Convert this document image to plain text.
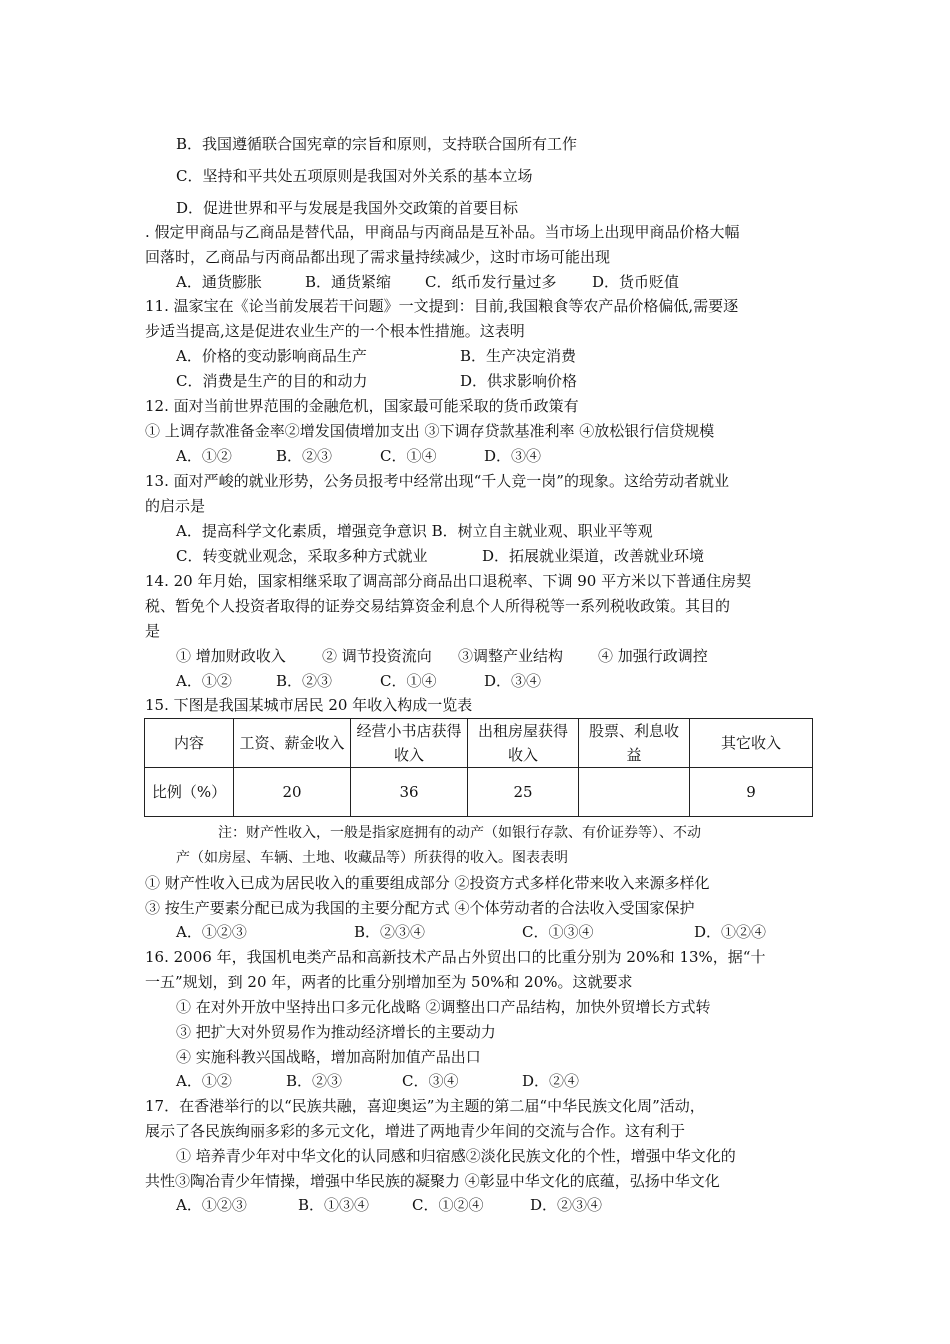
B．我国遵循联合国宪章的宗旨和原则，支持联合国所有工作
C．坚持和平共处五项原则是我国对外关系的基本立场
D．促进世界和平与发展是我国外交政策的首要目标
. 假定甲商品与乙商品是替代品，甲商品与丙商品是互补品。当市场上出现甲商品价格大幅
回落时，乙商品与丙商品都出现了需求量持续减少，这时市场可能出现
A．通货膨胀	B．通货紧缩 C．纸币发行量过多 D．货币贬值
11. 温家宝在《论当前发展若干问题》一文提到：目前,我国粮食等农产品价格偏低,需要逐
步适当提高,这是促进农业生产的一个根本性措施。这表明
A．价格的变动影响商品生产	B．生产决定消费
C．消费是生产的目的和动力	D．供求影响价格
12. 面对当前世界范围的金融危机，国家最可能采取的货币政策有
① 上调存款准备金率②增发国债增加支出 ③下调存贷款基准利率 ④放松银行信贷规模
A．①②	B．②③	C．①④	D．③④
13. 面对严峻的就业形势，公务员报考中经常出现“千人竞一岗”的现象。这给劳动者就业
的启示是
A．提高科学文化素质，增强竞争意识 B．树立自主就业观、职业平等观
C．转变就业观念，采取多种方式就业	D．拓展就业渠道，改善就业环境
14. 20 年月始，国家相继采取了调高部分商品出口退税率、下调 90 平方米以下普通住房契
税、暂免个人投资者取得的证券交易结算资金利息个人所得税等一系列税收政策。其目的
是
① 增加财政收入 ② 调节投资流向 ③调整产业结构 ④ 加强行政调控
A．①②	B．②③	C．①④	D．③④
15. 下图是我国某城市居民 20 年收入构成一览表
内容	工资、薪金收入	经营小书店获得收入	出租房屋获得收入	股票、利息收益	其它收入
比例（%）	20	36	25		9
注：财产性收入，一般是指家庭拥有的动产（如银行存款、有价证券等）、不动
产（如房屋、车辆、土地、收藏品等）所获得的收入。图表表明
① 财产性收入已成为居民收入的重要组成部分 ②投资方式多样化带来收入来源多样化
③ 按生产要素分配已成为我国的主要分配方式 ④个体劳动者的合法收入受国家保护
A．①②③	B．②③④	C．①③④	D．①②④
16. 2006 年，我国机电类产品和高新技术产品占外贸出口的比重分别为 20%和 13%，据“十
一五”规划，到 20 年，两者的比重分别增加至为 50%和 20%。这就要求
① 在对外开放中坚持出口多元化战略 ②调整出口产品结构，加快外贸增长方式转
③ 把扩大对外贸易作为推动经济增长的主要动力
④ 实施科教兴国战略，增加高附加值产品出口
A．①②	B．②③	C．③④	D．②④
17．在香港举行的以“民族共融，喜迎奥运”为主题的第二届“中华民族文化周”活动，
展示了各民族绚丽多彩的多元文化，增进了两地青少年间的交流与合作。这有利于
① 培养青少年对中华文化的认同感和归宿感②淡化民族文化的个性，增强中华文化的
共性③陶冶青少年情操，增强中华民族的凝聚力 ④彰显中华文化的底蕴，弘扬中华文化
A．①②③	B．①③④	C．①②④	D．②③④
